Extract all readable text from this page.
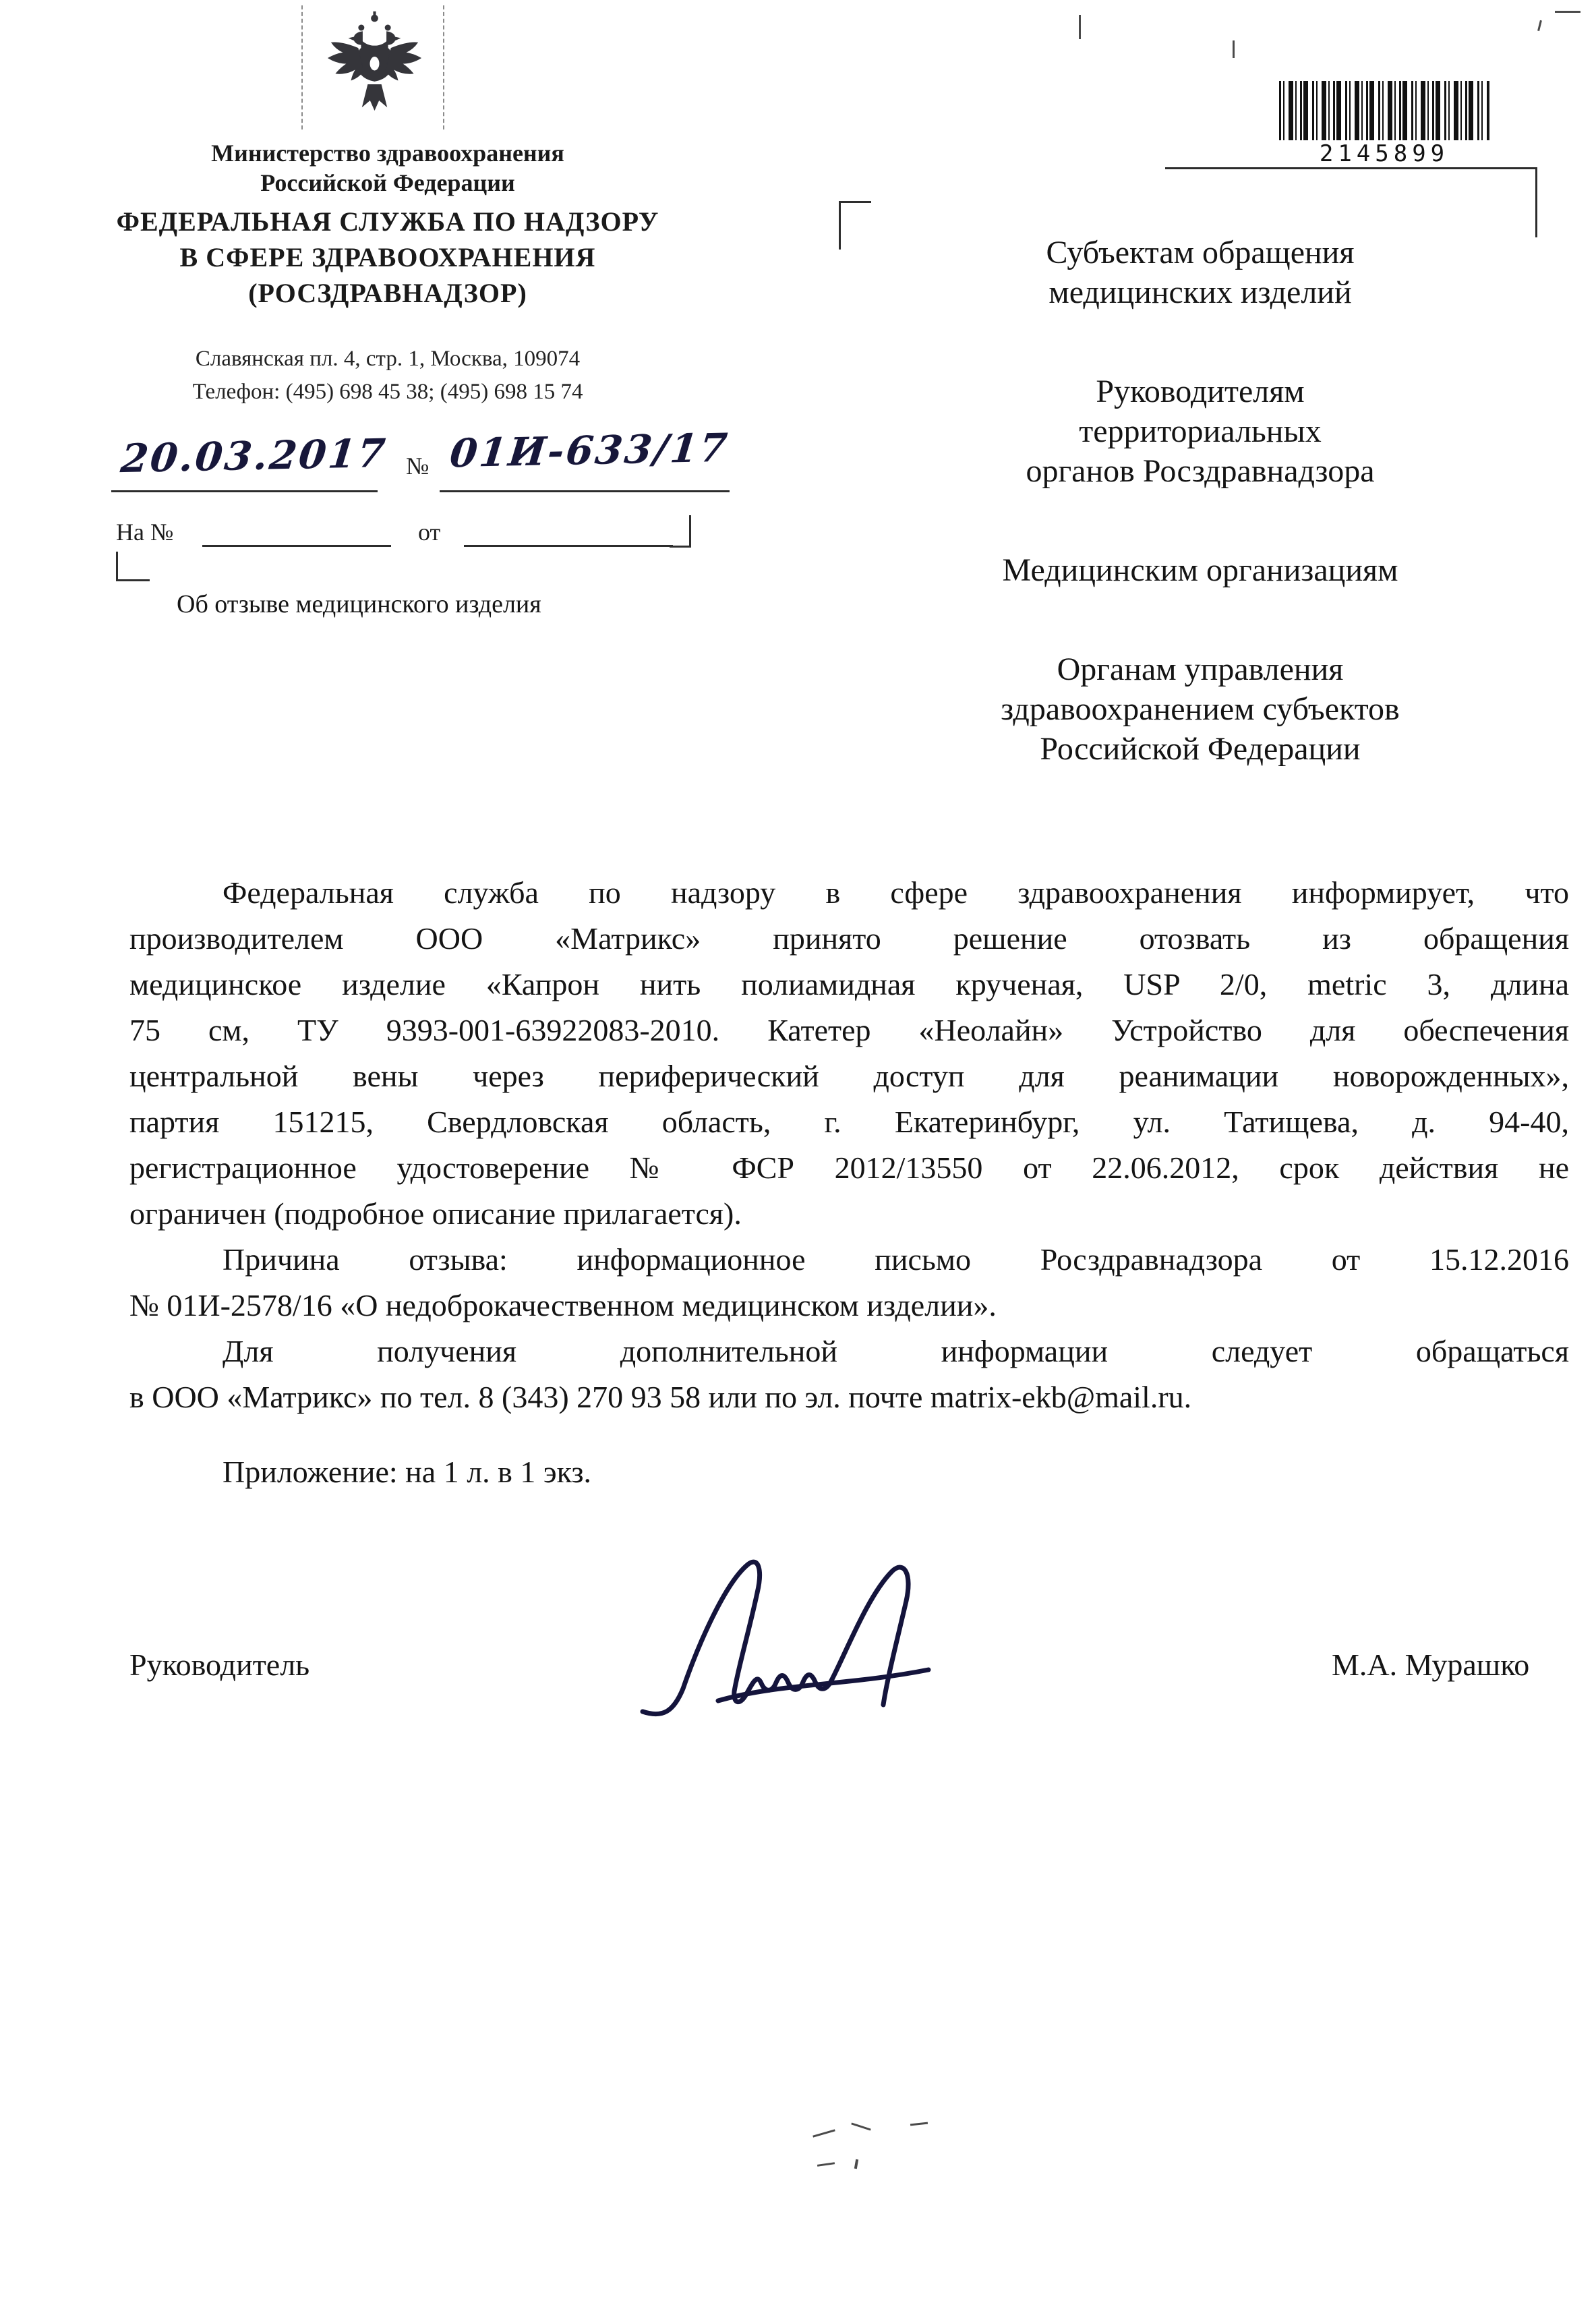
Министерство здравоохранения
Российской Федерации
ФЕДЕРАЛЬНАЯ СЛУЖБА ПО НАДЗОРУ
В СФЕРЕ ЗДРАВООХРАНЕНИЯ
(РОСЗДРАВНАДЗОР)
Славянская пл. 4, стр. 1, Москва, 109074
Телефон: (495) 698 45 38; (495) 698 15 74
20.03.2017 № 01И-633/17
На №	от
Об отзыве медицинского изделия
2145899
Субъектам обращения
медицинских изделий
Руководителям
территориальных
органов Росздравнадзора
Медицинским организациям
Органам управления
здравоохранением субъектов
Российской Федерации
Федеральная служба по надзору в сфере здравоохранения информирует, что
производителем ООО «Матрикс» принято решение отозвать из обращения
медицинское изделие «Капрон нить полиамидная крученая, USP 2/0, metric 3, длина
75 см, ТУ 9393-001-63922083-2010. Катетер «Неолайн» Устройство для обеспечения
центральной вены через периферический доступ для реанимации новорожденных»,
партия 151215, Свердловская область, г. Екатеринбург, ул. Татищева, д. 94-40,
регистрационное удостоверение № ФСР 2012/13550 от 22.06.2012, срок действия не
ограничен (подробное описание прилагается).
Причина отзыва: информационное письмо Росздравнадзора от 15.12.2016
№ 01И-2578/16 «О недоброкачественном медицинском изделии».
Для получения дополнительной информации следует обращаться
в ООО «Матрикс» по тел. 8 (343) 270 93 58 или по эл. почте matrix-ekb@mail.ru.
Приложение: на 1 л. в 1 экз.
Руководитель	М.А. Мурашко
